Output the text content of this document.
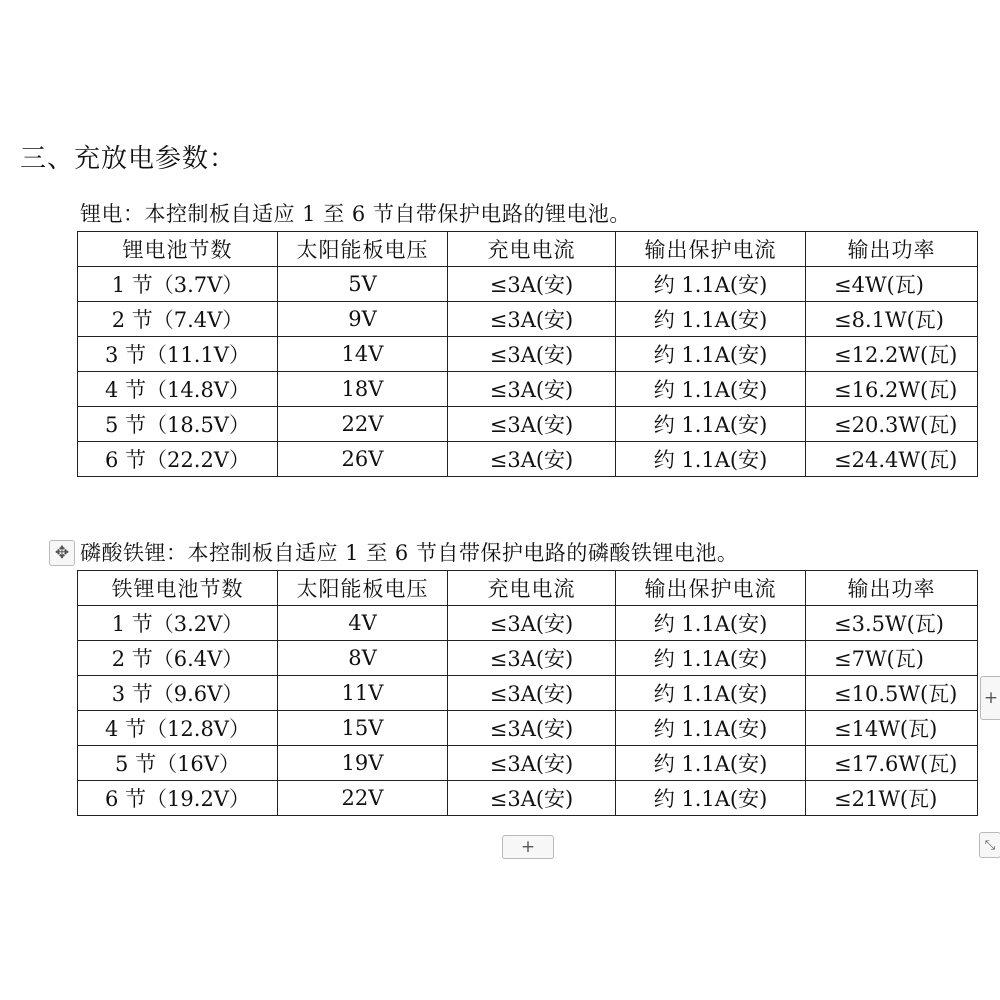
三、充放电参数：
锂电：本控制板自适应 1 至 6 节自带保护电路的锂电池。
锂电池节数	太阳能板电压	充电电流	输出保护电流	输出功率
1 节（3.7V）	5V	≤3A(安)	约 1.1A(安)	≤4W(瓦)
2 节（7.4V）	9V	≤3A(安)	约 1.1A(安)	≤8.1W(瓦)
3 节（11.1V）	14V	≤3A(安)	约 1.1A(安)	≤12.2W(瓦)
4 节（14.8V）	18V	≤3A(安)	约 1.1A(安)	≤16.2W(瓦)
5 节（18.5V）	22V	≤3A(安)	约 1.1A(安)	≤20.3W(瓦)
6 节（22.2V）	26V	≤3A(安)	约 1.1A(安)	≤24.4W(瓦)
✥ 磷酸铁锂：本控制板自适应 1 至 6 节自带保护电路的磷酸铁锂电池。
铁锂电池节数	太阳能板电压	充电电流	输出保护电流	输出功率
1 节（3.2V）	4V	≤3A(安)	约 1.1A(安)	≤3.5W(瓦)
2 节（6.4V）	8V	≤3A(安)	约 1.1A(安)	≤7W(瓦)
3 节（9.6V）	11V	≤3A(安)	约 1.1A(安)	≤10.5W(瓦)
4 节（12.8V）	15V	≤3A(安)	约 1.1A(安)	≤14W(瓦)
5 节（16V）	19V	≤3A(安)	约 1.1A(安)	≤17.6W(瓦)
6 节（19.2V）	22V	≤3A(安)	约 1.1A(安)	≤21W(瓦)
+
+
⤡
